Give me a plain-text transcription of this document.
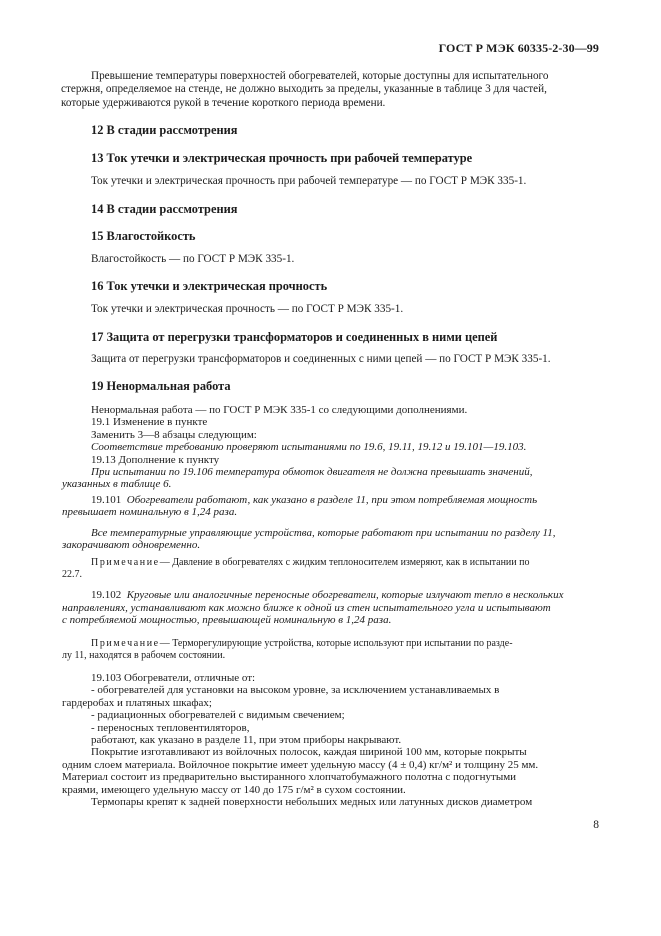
ГОСТ Р МЭК 60335-2-30—99

Превышение температуры поверхностей обогревателей, которые доступны для испытательного

стержня, определяемое на стенде, не должно выходить за пределы, указанные в таблице 3 для частей,

которые удерживаются рукой в течение короткого периода времени.

12 В стадии рассмотрения
13 Ток утечки и электрическая прочность при рабочей температуре

Ток утечки и электрическая прочность при рабочей температуре — по ГОСТ Р МЭК 335-1.

14 В стадии рассмотрения
15 Влагостойкость

Влагостойкость — по ГОСТ Р МЭК 335-1.

16 Ток утечки и электрическая прочность

Ток утечки и электрическая прочность — по ГОСТ Р МЭК 335-1.

17 Защита от перегрузки трансформаторов и соединенных в ними цепей

Защита от перегрузки трансформаторов и соединенных с ними цепей — по ГОСТ Р МЭК 335-1.

19 Ненормальная работа

Ненормальная работа — по ГОСТ Р МЭК 335-1 со следующими дополнениями.

19.1 Изменение в пункте

Заменить 3—8 абзацы следующим:

Соответствие требованию проверяют испытаниями по 19.6, 19.11, 19.12 и 19.101—19.103.

19.13 Дополнение к пункту

При испытании по 19.106 температура обмоток двигателя не должна превышать значений,

указанных в таблице 6.

19.101 Обогреватели работают, как указано в разделе 11, при этом потребляемая мощность

превышает номинальную в 1,24 раза.

Все температурные управляющие устройства, которые работают при испытании по разделу 11,

закорачивают одновременно.

Примечание— Давление в обогревателях с жидким теплоносителем измеряют, как в испытании по

22.7.

19.102 Круговые или аналогичные переносные обогреватели, которые излучают тепло в нескольких

направлениях, устанавливают как можно ближе к одной из стен испытательного угла и испытывают

с потребляемой мощностью, превышающей номинальную в 1,24 раза.

Примечание— Терморегулирующие устройства, которые используют при испытании по разде-

лу 11, находятся в рабочем состоянии.

19.103 Обогреватели, отличные от:

- обогревателей для установки на высоком уровне, за исключением устанавливаемых в

гардеробах и платяных шкафах;

- радиационных обогревателей с видимым свечением;

- переносных тепловентиляторов,

работают, как указано в разделе 11, при этом приборы накрывают.

Покрытие изготавливают из войлочных полосок, каждая шириной 100 мм, которые покрыты

одним слоем материала. Войлочное покрытие имеет удельную массу (4 ± 0,4) кг/м² и толщину 25 мм.

Материал состоит из предварительно выстиранного хлопчатобумажного полотна с подогнутыми

краями, имеющего удельную массу от 140 до 175 г/м² в сухом состоянии.

Термопары крепят к задней поверхности небольших медных или латунных дисков диаметром

8
